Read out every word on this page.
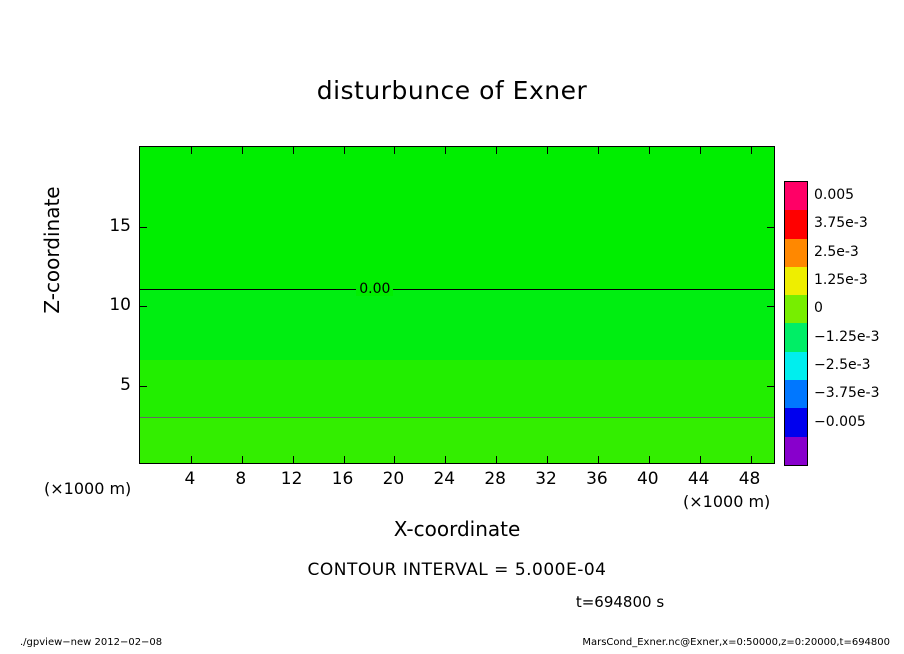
disturbunce of Exner
0.00
4	8	12	16	20	24	28	32	36	40	44	48
5
10
15
Z-coordinate
X-coordinate
(×1000 m)
(×1000 m)
CONTOUR INTERVAL = 5.000E-04
t=694800 s
0.005
3.75e-3
2.5e-3
1.25e-3
0
−1.25e-3
−2.5e-3
−3.75e-3
−0.005
./gpview−new 2012−02−08	MarsCond_Exner.nc@Exner,x=0:50000,z=0:20000,t=694800
